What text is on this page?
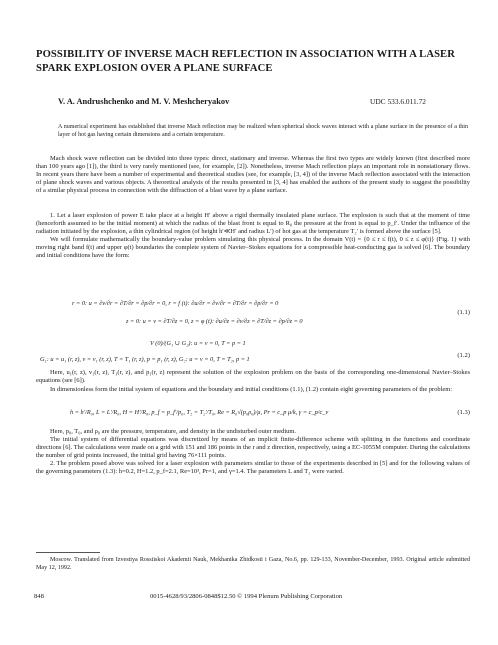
POSSIBILITY OF INVERSE MACH REFLECTION IN ASSOCIATION WITH A LASER SPARK EXPLOSION OVER A PLANE SURFACE
V. A. Andrushchenko and M. V. Meshcheryakov	UDC 533.6.011.72
A numerical experiment has established that inverse Mach reflection may be realized when spherical shock waves interact with a plane surface in the presence of a thin layer of hot gas having certain dimensions and a certain temperature.

Mach shock wave reflection can be divided into three types: direct, stationary and inverse. Whereas the first two types are widely known (first described more than 100 years ago [1]), the third is very rarely mentioned (see, for example, [2]). Nonetheless, inverse Mach reflection plays an important role in nonstationary flows. In recent years there have been a number of experimental and theoretical studies (see, for example, [3, 4]) of the inverse Mach reflection associated with the interaction of plane shock waves and various objects. A theoretical analysis of the results presented in [3, 4] has enabled the authors of the present study to suggest the possibility of a similar physical process in connection with the diffraction of a blast wave by a plane surface.

1. Let a laser explosion of power E take place at a height H′ above a rigid thermally insulated plane surface. The explosion is such that at the moment of time (henceforth assumed to be the initial moment) at which the radius of the blast front is equal to R₀ the pressure at the front is equal to p_f′. Under the influence of the radiation initiated by the explosion, a thin cylindrical region (of height h′≪H′ and radius L′) of hot gas at the temperature T₂′ is formed above the surface [5].

We will formulate mathematically the boundary-value problem simulating this physical process. In the domain V(t) = {0 ≤ r ≤ f(t), 0 ≤ z ≤ φ(t)} (Fig. 1) with moving right band f(t) and upper φ(t) boundaries the complete system of Navier–Stokes equations for a compressible heat-conducting gas is solved [6]. The boundary and initial conditions have the form:

r = 0: u = ∂v/∂r = ∂T/∂r = ∂p/∂r = 0, r = f (t): ∂u/∂r = ∂v/∂r = ∂T/∂r = ∂p/∂r = 0
z = 0: u = v = ∂T/∂z = 0, z = φ (t): ∂u/∂z = ∂v/∂z = ∂T/∂z = ∂p/∂z = 0
(1.1)
V (0)/(G₁ ∪ G₂): u = v = 0, T = p = 1
G₁: u = u₁ (r, z), v = v₁ (r, z), T = T₁ (r, z), p = p₁ (r, z), G₂: u = v = 0, T = T₂, p = 1
(1.2)

Here, u₁(r, z), v₁(r, z), T₁(r, z), and p₁(r, z) represent the solution of the explosion problem on the basis of the corresponding one-dimensional Navier–Stokes equations (see [6]).

In dimensionless form the initial system of equations and the boundary and initial conditions (1.1), (1.2) contain eight governing parameters of the problem:

h = h′/R₀, L = L′/R₀, H = H′/R₀, p_f = p_f′/p₀, T₂ = T₂′/T₀, Re = R₀√(p₀ρ₀)/μ, Pr = c_p μ/k, γ = c_p/c_v	(1.3)

Here, p₀, T₀, and ρ₀ are the pressure, temperature, and density in the undisturbed outer medium.

The initial system of differential equations was discretized by means of an implicit finite-difference scheme with splitting in the functions and coordinate directions [6]. The calculations were made on a grid with 151 and 186 points in the r and z direction, respectively, using a EC-1055M computer. During the calculations the number of grid points increased, the initial grid having 76×111 points.

2. The problem posed above was solved for a laser explosion with parameters similar to those of the experiments described in [5] and for the following values of the governing parameters (1.3): h=0.2, H=1.2, p_f=2.1, Re=10³, Pr=1, and γ=1.4. The parameters L and T₂ were varied.

Moscow. Translated from Izvestiya Rossiiskoi Akademii Nauk, Mekhanika Zhidkosti i Gaza, No.6, pp. 129-133, November-December, 1993. Original article submitted May 12, 1992.
848	0015-4628/93/2806-0848$12.50 © 1994 Plenum Publishing Corporation
